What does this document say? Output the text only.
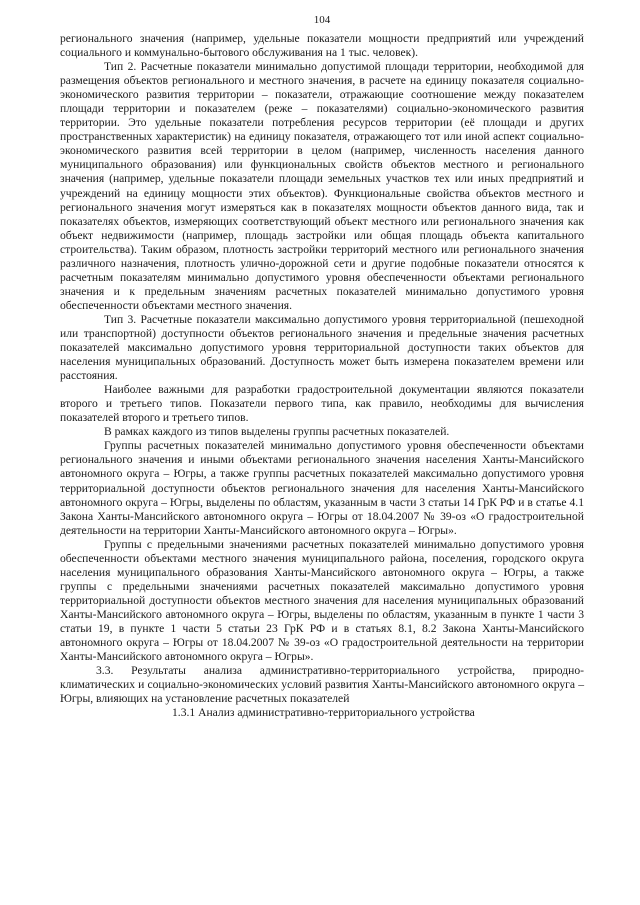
104

регионального значения (например, удельные показатели мощности предприятий или учреждений социального и коммунально-бытового обслуживания на 1 тыс. человек).

Тип 2. Расчетные показатели минимально допустимой площади территории, необходимой для размещения объектов регионального и местного значения, в расчете на единицу показателя социально-экономического развития территории – показатели, отражающие соотношение между показателем площади территории и показателем (реже – показателями) социально-экономического развития территории. Это удельные показатели потребления ресурсов территории (её площади и других пространственных характеристик) на единицу показателя, отражающего тот или иной аспект социально-экономического развития всей территории в целом (например, численность населения данного муниципального образования) или функциональных свойств объектов местного и регионального значения (например, удельные показатели площади земельных участков тех или иных предприятий и учреждений на единицу мощности этих объектов). Функциональные свойства объектов местного и регионального значения могут измеряться как в показателях мощности объектов данного вида, так и показателях объектов, измеряющих соответствующий объект местного или регионального значения как объект недвижимости (например, площадь застройки или общая площадь объекта капитального строительства). Таким образом, плотность застройки территорий местного или регионального значения различного назначения, плотность улично-дорожной сети и другие подобные показатели относятся к расчетным показателям минимально допустимого уровня обеспеченности объектами регионального значения и к предельным значениям расчетных показателей минимально допустимого уровня обеспеченности объектами местного значения.

Тип 3. Расчетные показатели максимально допустимого уровня территориальной (пешеходной или транспортной) доступности объектов регионального значения и предельные значения расчетных показателей максимально допустимого уровня территориальной доступности таких объектов для населения муниципальных образований. Доступность может быть измерена показателем времени или расстояния.

Наиболее важными для разработки градостроительной документации являются показатели второго и третьего типов. Показатели первого типа, как правило, необходимы для вычисления показателей второго и третьего типов.

В рамках каждого из типов выделены группы расчетных показателей.

Группы расчетных показателей минимально допустимого уровня обеспеченности объектами регионального значения и иными объектами регионального значения населения Ханты-Мансийского автономного округа – Югры, а также группы расчетных показателей максимально допустимого уровня территориальной доступности объектов регионального значения для населения Ханты-Мансийского автономного округа – Югры, выделены по областям, указанным в части 3 статьи 14 ГрК РФ и в статье 4.1 Закона Ханты-Мансийского автономного округа – Югры от 18.04.2007 № 39-оз «О градостроительной деятельности на территории Ханты-Мансийского автономного округа – Югры».

Группы с предельными значениями расчетных показателей минимально допустимого уровня обеспеченности объектами местного значения муниципального района, поселения, городского округа населения муниципального образования Ханты-Мансийского автономного округа – Югры, а также группы с предельными значениями расчетных показателей максимально допустимого уровня территориальной доступности объектов местного значения для населения муниципальных образований Ханты-Мансийского автономного округа – Югры, выделены по областям, указанным в пункте 1 части 3 статьи 19, в пункте 1 части 5 статьи 23 ГрК РФ и в статьях 8.1, 8.2 Закона Ханты-Мансийского автономного округа – Югры от 18.04.2007 № 39-оз «О градостроительной деятельности на территории Ханты-Мансийского автономного округа – Югры».

3.3. Результаты анализа административно-территориального устройства, природно-климатических и социально-экономических условий развития Ханты-Мансийского автономного округа – Югры, влияющих на установление расчетных показателей

1.3.1 Анализ административно-территориального устройства
